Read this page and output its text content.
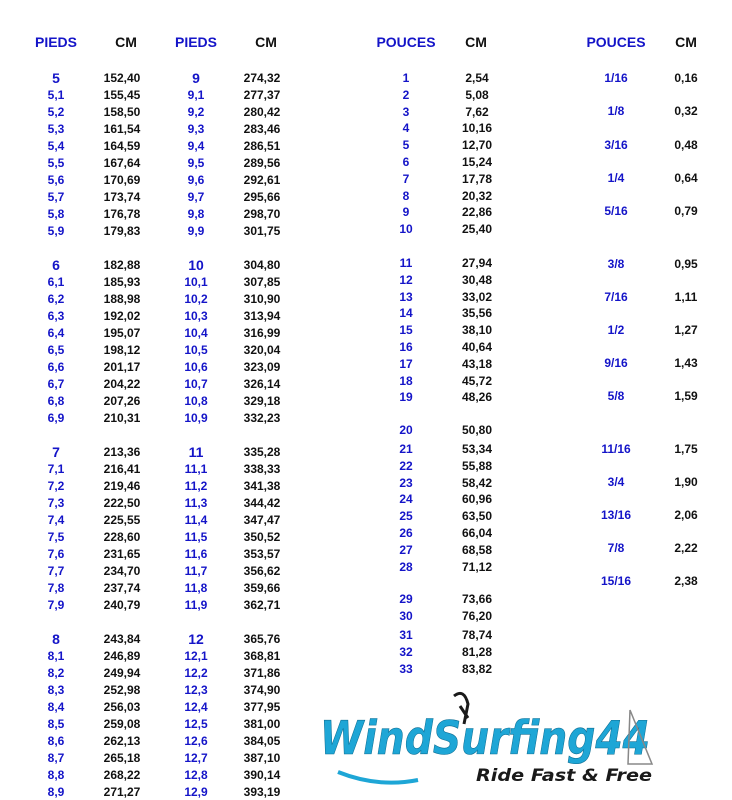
PIEDS	CM	PIEDS	CM	POUCES	CM	POUCES	CM
5	152,40
5,1	155,45
5,2	158,50
5,3	161,54
5,4	164,59
5,5	167,64
5,6	170,69
5,7	173,74
5,8	176,78
5,9	179,83
6	182,88
6,1	185,93
6,2	188,98
6,3	192,02
6,4	195,07
6,5	198,12
6,6	201,17
6,7	204,22
6,8	207,26
6,9	210,31
7	213,36
7,1	216,41
7,2	219,46
7,3	222,50
7,4	225,55
7,5	228,60
7,6	231,65
7,7	234,70
7,8	237,74
7,9	240,79
8	243,84
8,1	246,89
8,2	249,94
8,3	252,98
8,4	256,03
8,5	259,08
8,6	262,13
8,7	265,18
8,8	268,22
8,9	271,27
9	274,32
9,1	277,37
9,2	280,42
9,3	283,46
9,4	286,51
9,5	289,56
9,6	292,61
9,7	295,66
9,8	298,70
9,9	301,75
10	304,80
10,1	307,85
10,2	310,90
10,3	313,94
10,4	316,99
10,5	320,04
10,6	323,09
10,7	326,14
10,8	329,18
10,9	332,23
11	335,28
11,1	338,33
11,2	341,38
11,3	344,42
11,4	347,47
11,5	350,52
11,6	353,57
11,7	356,62
11,8	359,66
11,9	362,71
12	365,76
12,1	368,81
12,2	371,86
12,3	374,90
12,4	377,95
12,5	381,00
12,6	384,05
12,7	387,10
12,8	390,14
12,9	393,19
1	2,54
2	5,08
3	7,62
4	10,16
5	12,70
6	15,24
7	17,78
8	20,32
9	22,86
10	25,40
11	27,94
12	30,48
13	33,02
14	35,56
15	38,10
16	40,64
17	43,18
18	45,72
19	48,26
20	50,80
21	53,34
22	55,88
23	58,42
24	60,96
25	63,50
26	66,04
27	68,58
28	71,12
29	73,66
30	76,20
31	78,74
32	81,28
33	83,82
1/16	0,16
1/8	0,32
3/16	0,48
1/4	0,64
5/16	0,79
3/8	0,95
7/16	1,11
1/2	1,27
9/16	1,43
5/8	1,59
11/16	1,75
3/4	1,90
13/16	2,06
7/8	2,22
15/16	2,38
WindSurfing44
Ride Fast & Free
